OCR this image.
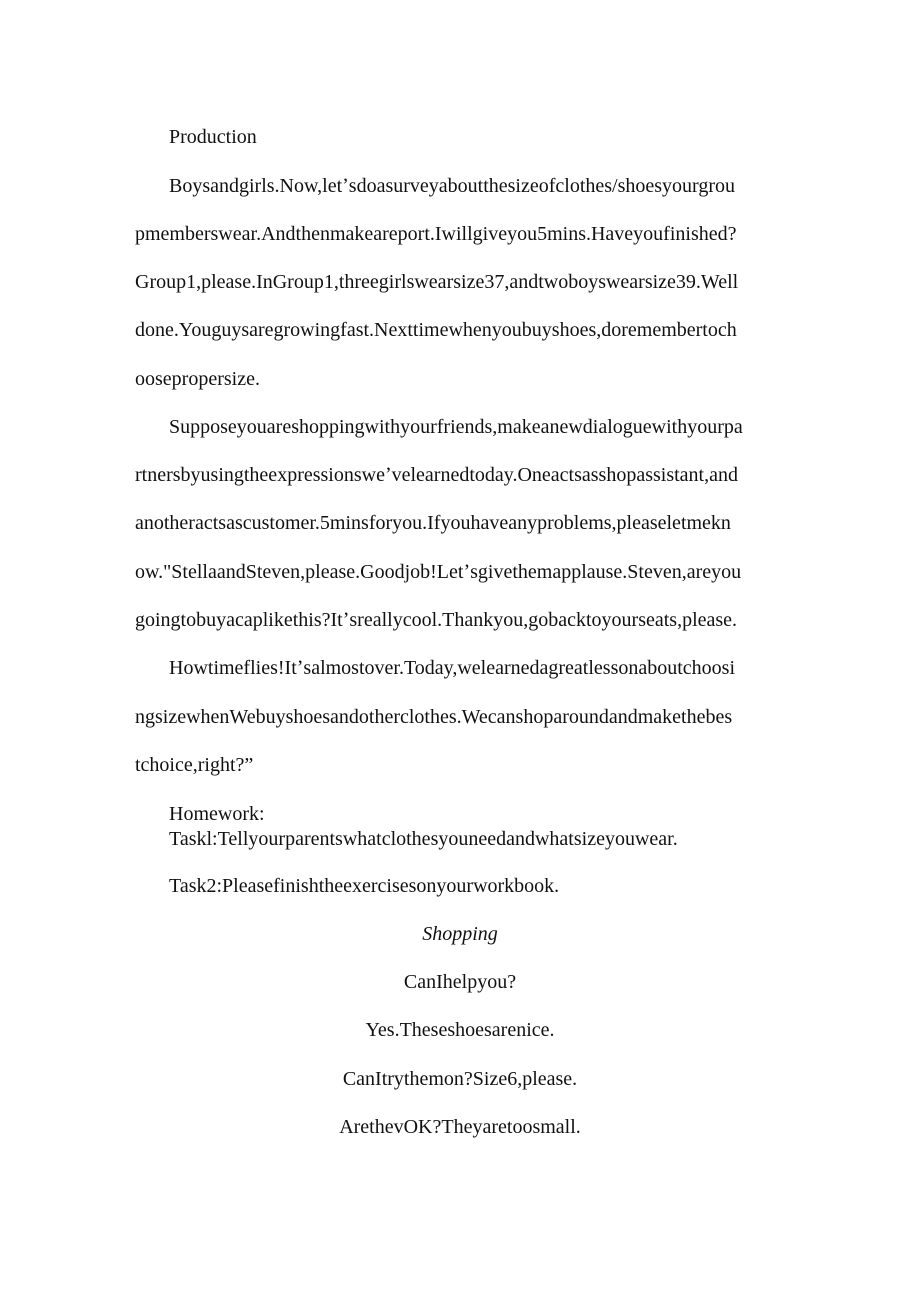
Production
Boysandgirls.Now,letʼsdoasurveyaboutthesizeofclothes/shoesyourgrou
pmemberswear.Andthenmakeareport.Iwillgiveyou5mins.Haveyoufinished?
Group1,please.InGroup1,threegirlswearsize37,andtwoboyswearsize39.Well
done.Youguysaregrowingfast.Nexttimewhenyoubuyshoes,doremembertoch
oosepropersize.
Supposeyouareshoppingwithyourfriends,makeanewdialoguewithyourpa
rtnersbyusingtheexpressionsweʼvelearnedtoday.Oneactsasshopassistant,and
anotheractsascustomer.5minsforyou.Ifyouhaveanyproblems,pleaseletmekn
ow."StellaandSteven,please.Goodjob!Letʼsgivethemapplause.Steven,areyou
goingtobuyacaplikethis?Itʼsreallycool.Thankyou,gobacktoyourseats,please.
Howtimeflies!Itʼsalmostover.Today,welearnedagreatlessonaboutchoosi
ngsizewhenWebuyshoesandotherclothes.Wecanshoparoundandmakethebes
tchoice,right?”
Homework:
Taskl:Tellyourparentswhatclothesyouneedandwhatsizeyouwear.
Task2:Pleasefinishtheexercisesonyourworkbook.
Shopping
CanIhelpyou?
Yes.Theseshoesarenice.
CanItrythemon?Size6,please.
ArethevOK?Theyaretoosmall.
